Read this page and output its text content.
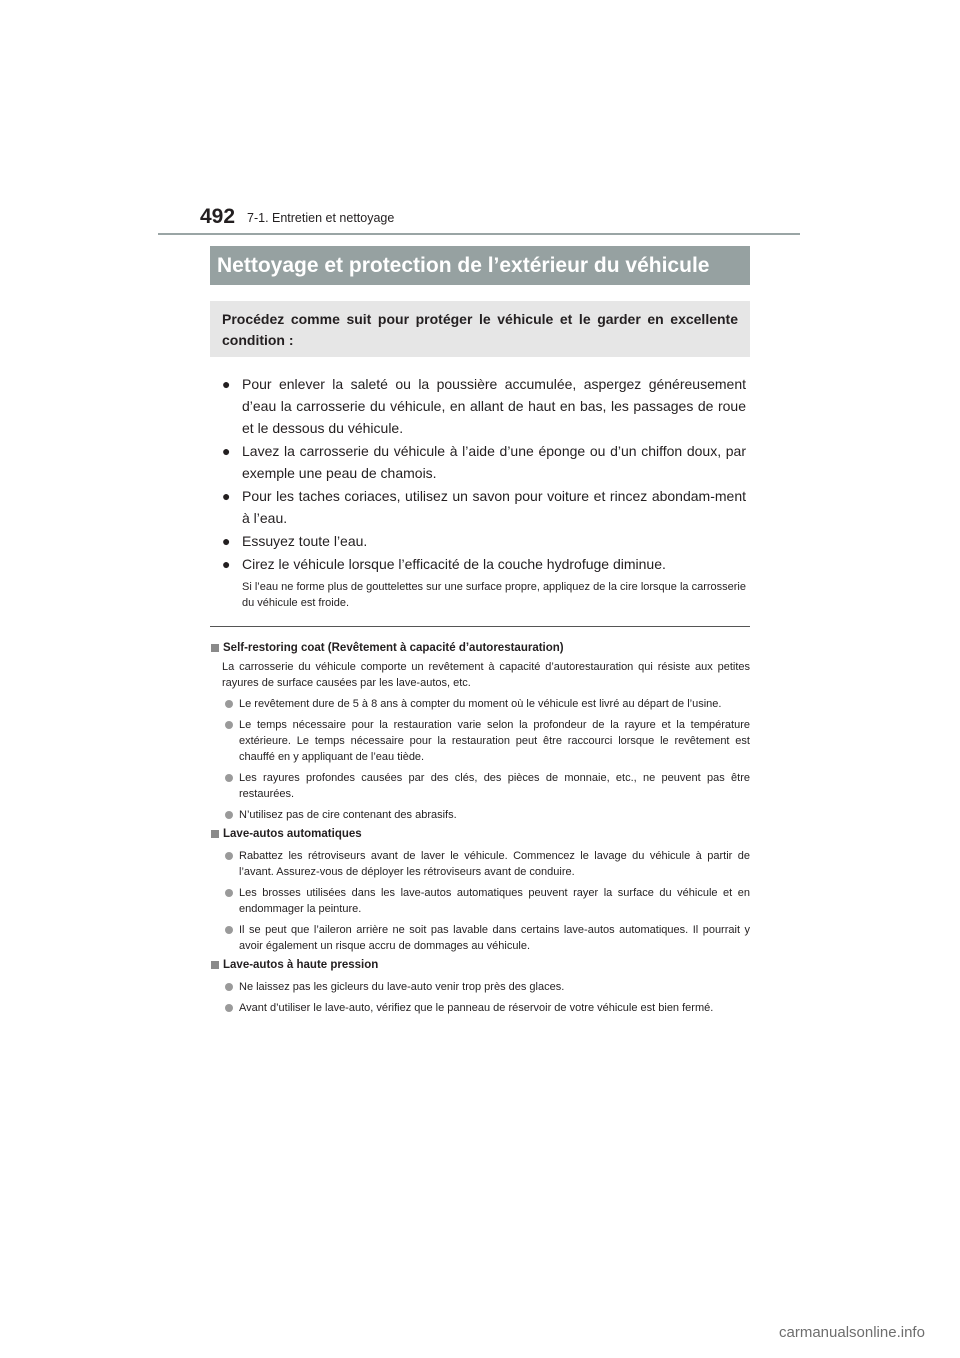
492 7-1. Entretien et nettoyage
Nettoyage et protection de l’extérieur du véhicule
Procédez comme suit pour protéger le véhicule et le garder en excellente condition :
● Pour enlever la saleté ou la poussière accumulée, aspergez généreusement d’eau la carrosserie du véhicule, en allant de haut en bas, les passages de roue et le dessous du véhicule.
● Lavez la carrosserie du véhicule à l’aide d’une éponge ou d’un chiffon doux, par exemple une peau de chamois.
● Pour les taches coriaces, utilisez un savon pour voiture et rincez abondam-ment à l’eau.
● Essuyez toute l’eau.
● Cirez le véhicule lorsque l’efficacité de la couche hydrofuge diminue.
Si l’eau ne forme plus de gouttelettes sur une surface propre, appliquez de la cire lorsque la carrosserie du véhicule est froide.
Self-restoring coat (Revêtement à capacité d’autorestauration)
La carrosserie du véhicule comporte un revêtement à capacité d’autorestauration qui résiste aux petites rayures de surface causées par les lave-autos, etc.
Le revêtement dure de 5 à 8 ans à compter du moment où le véhicule est livré au départ de l’usine.
Le temps nécessaire pour la restauration varie selon la profondeur de la rayure et la température extérieure. Le temps nécessaire pour la restauration peut être raccourci lorsque le revêtement est chauffé en y appliquant de l’eau tiède.
Les rayures profondes causées par des clés, des pièces de monnaie, etc., ne peuvent pas être restaurées.
N’utilisez pas de cire contenant des abrasifs.
Lave-autos automatiques
Rabattez les rétroviseurs avant de laver le véhicule. Commencez le lavage du véhicule à partir de l’avant. Assurez-vous de déployer les rétroviseurs avant de conduire.
Les brosses utilisées dans les lave-autos automatiques peuvent rayer la surface du véhicule et en endommager la peinture.
Il se peut que l’aileron arrière ne soit pas lavable dans certains lave-autos automatiques. Il pourrait y avoir également un risque accru de dommages au véhicule.
Lave-autos à haute pression
Ne laissez pas les gicleurs du lave-auto venir trop près des glaces.
Avant d’utiliser le lave-auto, vérifiez que le panneau de réservoir de votre véhicule est bien fermé.
carmanualsonline.info
